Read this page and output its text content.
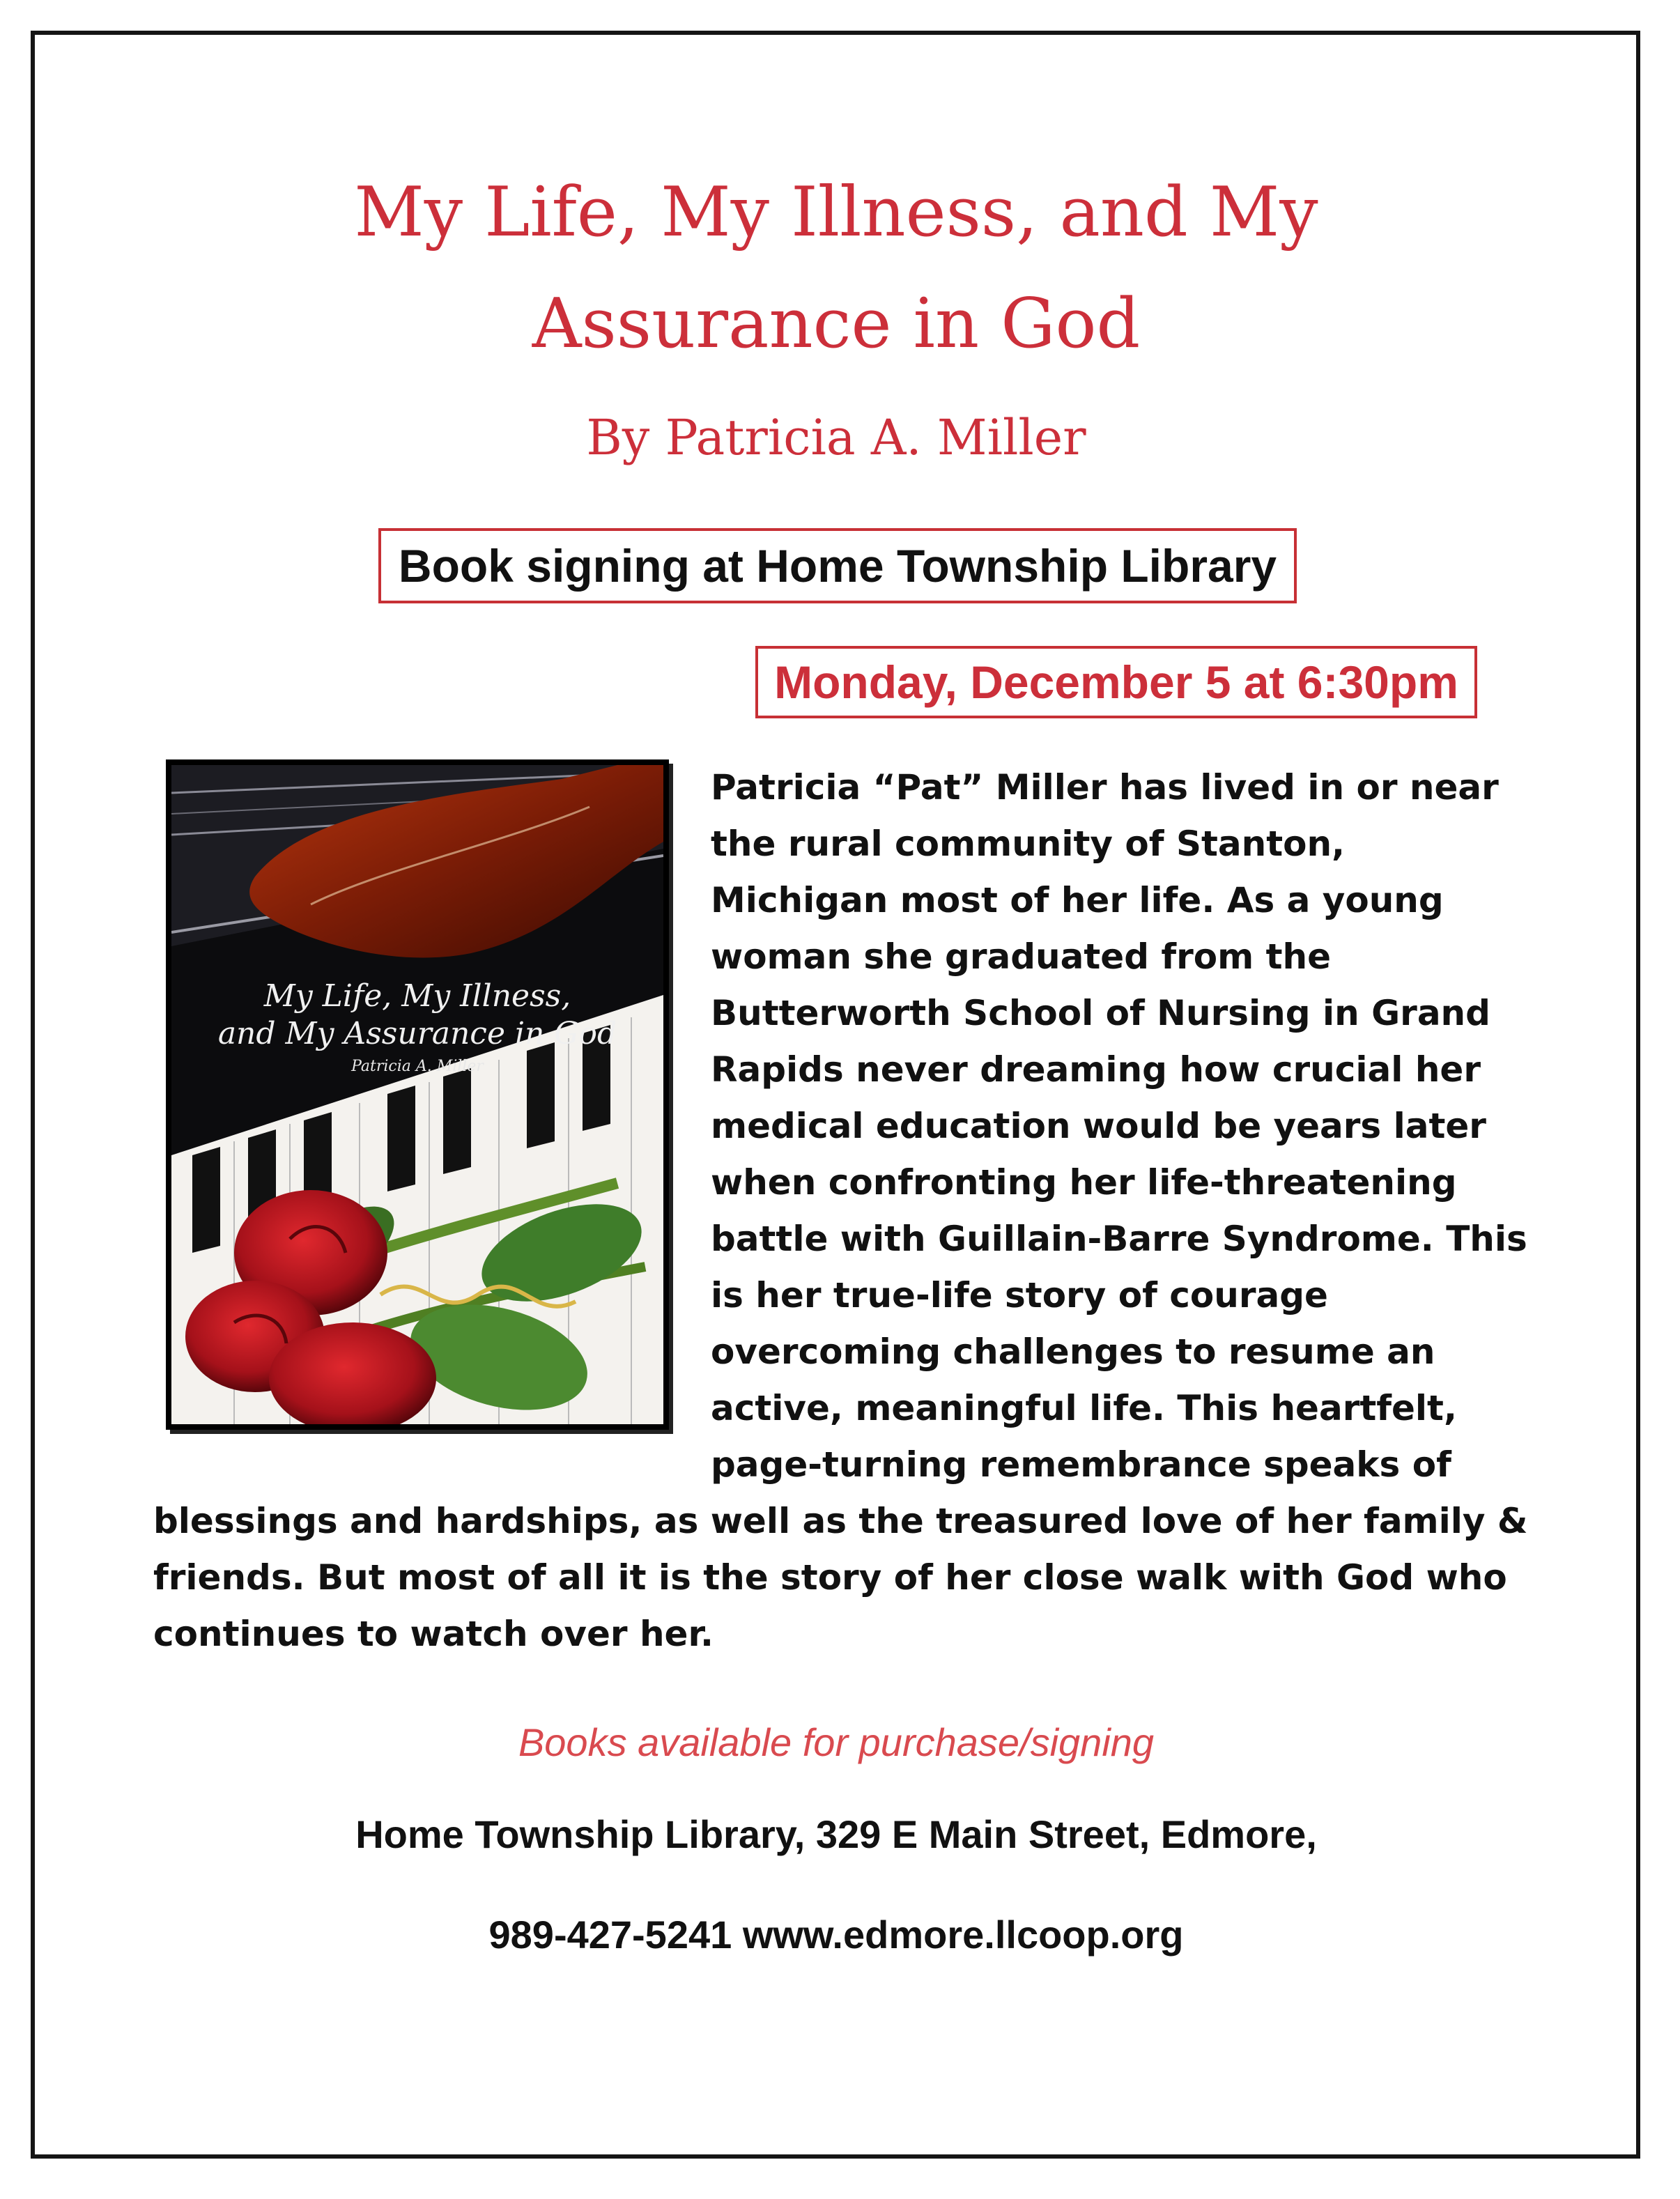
My Life, My Illness, and My
Assurance in God
By Patricia A. Miller
Book signing at Home Township Library
Monday, December 5 at 6:30pm
My Life, My Illness,
and My Assurance in God
Patricia A. Miller

Patricia “Pat” Miller has lived in or near
the rural community of Stanton,
Michigan most of her life. As a young
woman she graduated from the
Butterworth School of Nursing in Grand
Rapids never dreaming how crucial her
medical education would be years later
when confronting her life-threatening
battle with Guillain-Barre Syndrome. This
is her true-life story of courage
overcoming challenges to resume an
active, meaningful life. This heartfelt,
page-turning remembrance speaks of

blessings and hardships, as well as the treasured love of her family &
friends. But most of all it is the story of her close walk with God who
continues to watch over her.

Books available for purchase/signing
Home Township Library, 329 E Main Street, Edmore,
989-427-5241 www.edmore.llcoop.org
